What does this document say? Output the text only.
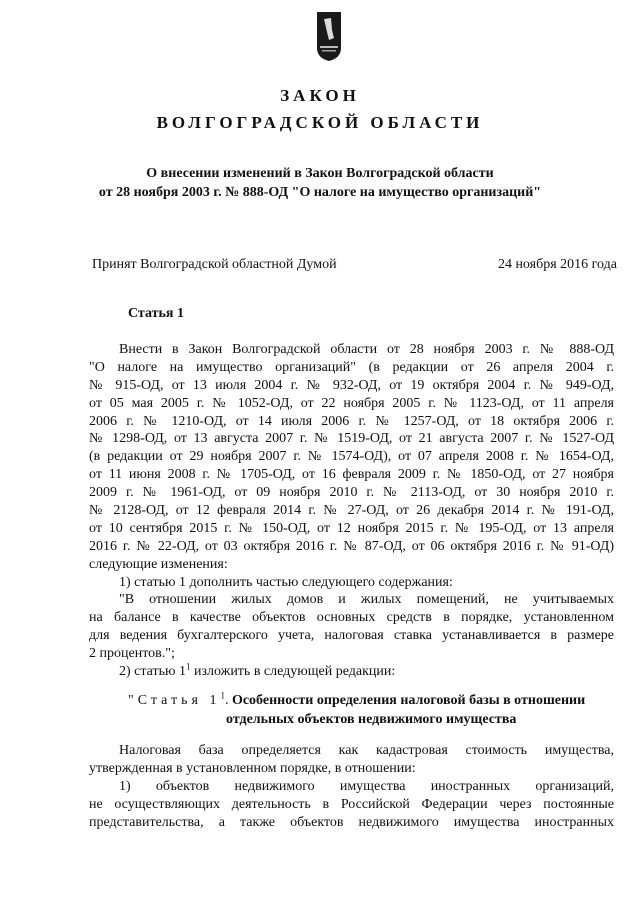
ЗАКОН
ВОЛГОГРАДСКОЙ ОБЛАСТИ
О внесении изменений в Закон Волгоградской области
от 28 ноября 2003 г. № 888-ОД "О налоге на имущество организаций"
Принят Волгоградской областной Думой	24 ноября 2016 года
Статья 1
Внести в Закон Волгоградской области от 28 ноября 2003 г. № 888-ОД
"О налоге на имущество организаций" (в редакции от 26 апреля 2004 г.
№ 915-ОД, от 13 июля 2004 г. № 932-ОД, от 19 октября 2004 г. № 949-ОД,
от 05 мая 2005 г. № 1052-ОД, от 22 ноября 2005 г. № 1123-ОД, от 11 апреля
2006 г. № 1210-ОД, от 14 июля 2006 г. № 1257-ОД, от 18 октября 2006 г.
№ 1298-ОД, от 13 августа 2007 г. № 1519-ОД, от 21 августа 2007 г. № 1527-ОД
(в редакции от 29 ноября 2007 г. № 1574-ОД), от 07 апреля 2008 г. № 1654-ОД,
от 11 июня 2008 г. № 1705-ОД, от 16 февраля 2009 г. № 1850-ОД, от 27 ноября
2009 г. № 1961-ОД, от 09 ноября 2010 г. № 2113-ОД, от 30 ноября 2010 г.
№ 2128-ОД, от 12 февраля 2014 г. № 27-ОД, от 26 декабря 2014 г. № 191-ОД,
от 10 сентября 2015 г. № 150-ОД, от 12 ноября 2015 г. № 195-ОД, от 13 апреля
2016 г. № 22-ОД, от 03 октября 2016 г. № 87-ОД, от 06 октября 2016 г. № 91-ОД)
следующие изменения:
1) статью 1 дополнить частью следующего содержания:
"В отношении жилых домов и жилых помещений, не учитываемых
на балансе в качестве объектов основных средств в порядке, установленном
для ведения бухгалтерского учета, налоговая ставка устанавливается в размере
2 процентов.";
2) статью $1^1$ изложить в следующей редакции:
"Статья $1^1$. Особенности определения налоговой базы в отношении
отдельных объектов недвижимого имущества
Налоговая база определяется как кадастровая стоимость имущества,
утвержденная в установленном порядке, в отношении:
1) объектов недвижимого имущества иностранных организаций,
не осуществляющих деятельность в Российской Федерации через постоянные
представительства, а также объектов недвижимого имущества иностранных
